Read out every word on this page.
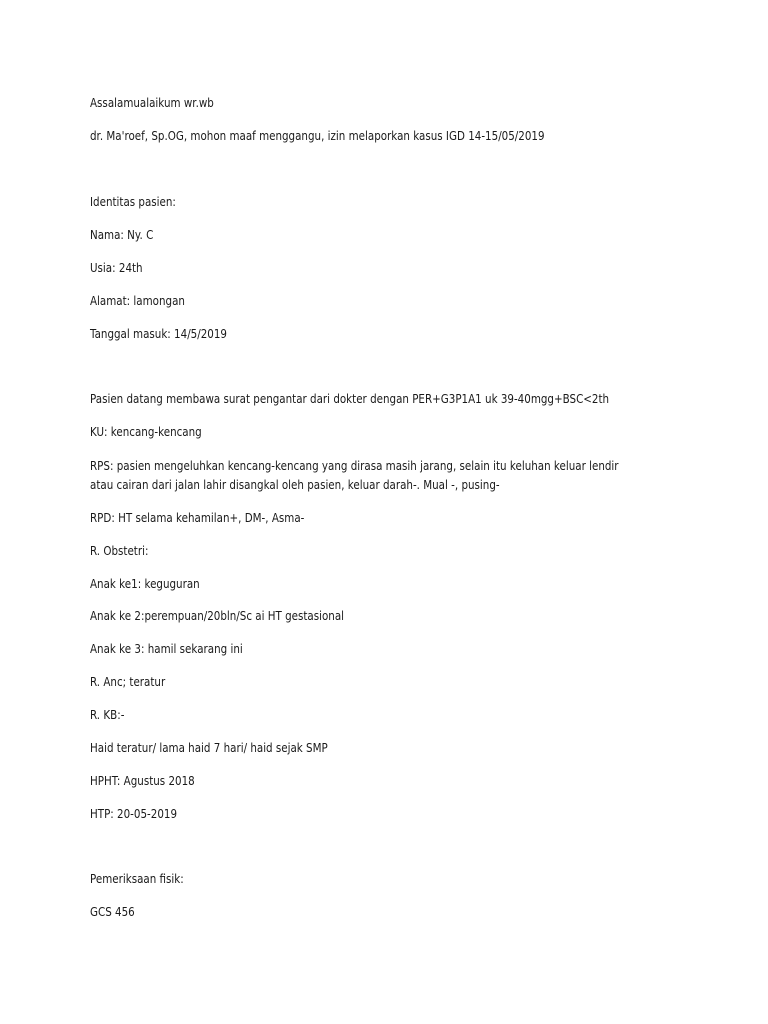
Assalamualaikum wr.wb

dr. Ma'roef, Sp.OG, mohon maaf menggangu, izin melaporkan kasus IGD 14-15/05/2019

Identitas pasien:

Nama: Ny. C

Usia: 24th

Alamat: lamongan

Tanggal masuk: 14/5/2019

Pasien datang membawa surat pengantar dari dokter dengan PER+G3P1A1 uk 39-40mgg+BSC<2th

KU: kencang-kencang

RPS: pasien mengeluhkan kencang-kencang yang dirasa masih jarang, selain itu keluhan keluar lendir

atau cairan dari jalan lahir disangkal oleh pasien, keluar darah-. Mual -, pusing-

RPD: HT selama kehamilan+, DM-, Asma-

R. Obstetri:

Anak ke1: keguguran

Anak ke 2:perempuan/20bln/Sc ai HT gestasional

Anak ke 3: hamil sekarang ini

R. Anc; teratur

R. KB:-

Haid teratur/ lama haid 7 hari/ haid sejak SMP

HPHT: Agustus 2018

HTP: 20-05-2019

Pemeriksaan fisik:

GCS 456
